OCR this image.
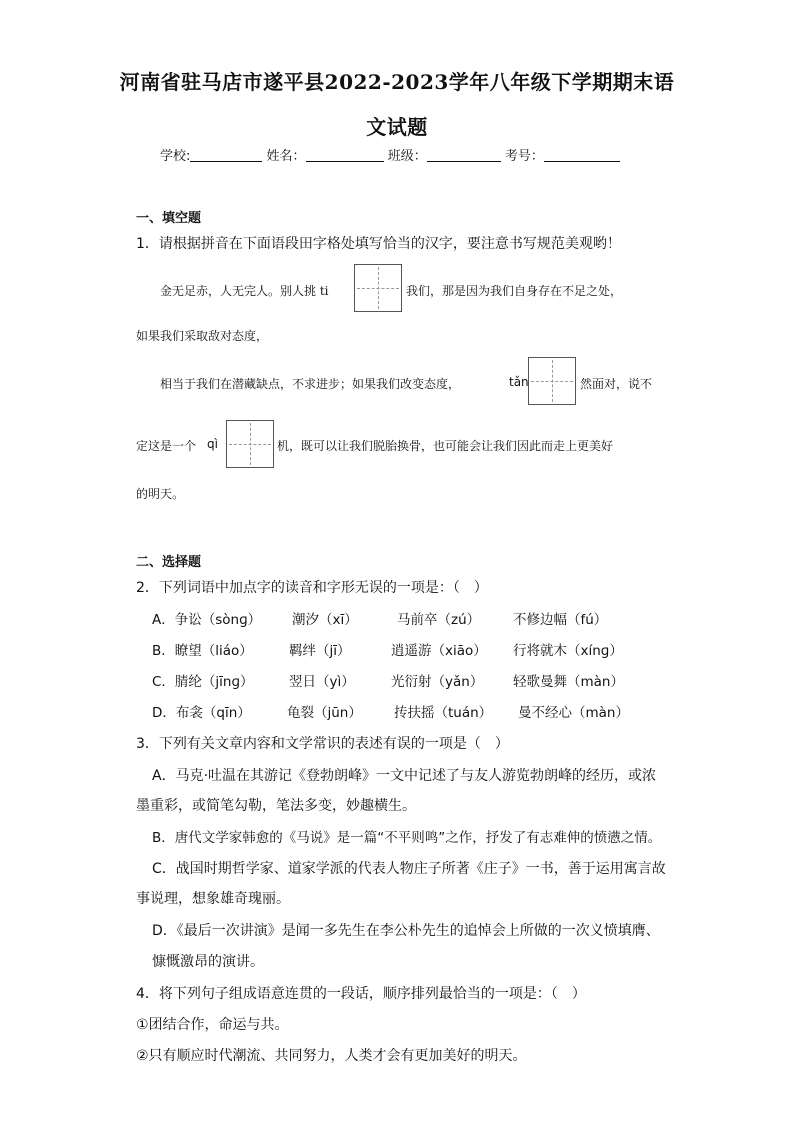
河南省驻马店市遂平县2022-2023学年八年级下学期期末语
文试题
学校:	姓名：	班级：	考号：
一、填空题
1．请根据拼音在下面语段田字格处填写恰当的汉字，要注意书写规范美观哟！
金无足赤，人无完人。别人挑 ti	我们，那是因为我们自身存在不足之处，
如果我们采取敌对态度，
相当于我们在潜藏缺点，不求进步；如果我们改变态度，	tǎn	然面对，说不
定这是一个 qì	机，既可以让我们脱胎换骨，也可能会让我们因此而走上更美好
的明天。
二、选择题
2．下列词语中加点字的读音和字形无误的一项是：（　）
A．争讼（sònɡ） 潮汐（xī）	马前卒（zú） 不修边幅（fú）
B．瞭望（liáo）	羁绊（jī）	逍遥游（xiāo） 行将就木（xínɡ）
C．腈纶（jīnɡ）	翌日（yì）	光衍射（yǎn） 轻歌曼舞（màn）
D．布衾（qīn）	龟裂（jūn） 抟扶摇（tuán） 曼不经心（màn）
3．下列有关文章内容和文学常识的表述有误的一项是（　）
A．马克·吐温在其游记《登勃朗峰》一文中记述了与友人游览勃朗峰的经历，或浓
墨重彩，或简笔勾勒，笔法多变，妙趣横生。
B．唐代文学家韩愈的《马说》是一篇“不平则鸣”之作，抒发了有志难伸的愤懑之情。
C．战国时期哲学家、道家学派的代表人物庄子所著《庄子》一书，善于运用寓言故
事说理，想象雄奇瑰丽。
D．《最后一次讲演》是闻一多先生在李公朴先生的追悼会上所做的一次义愤填膺、
慷慨激昂的演讲。
4．将下列句子组成语意连贯的一段话，顺序排列最恰当的一项是：（　）
①团结合作，命运与共。
②只有顺应时代潮流、共同努力，人类才会有更加美好的明天。
